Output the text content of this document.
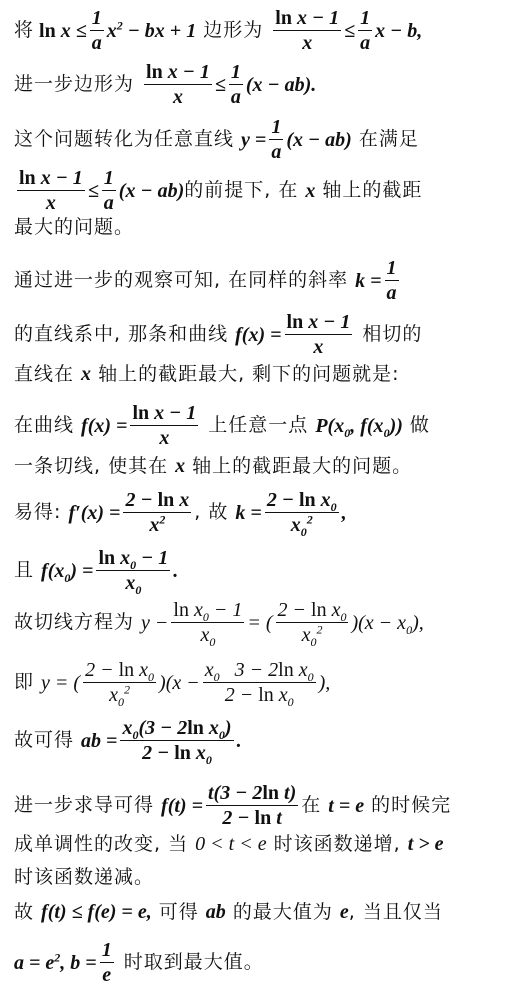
将 $\ln x \le \frac{1}{a} x^2$ − bx + 1 边形为 $\frac{\text{ln x − 1}}{x} \le \frac{1}{a}$ x − b,
进一步边形为 $\frac{\text{ln x − 1}}{x} \le \frac{1}{a} (x - ab)$.
这个问题转化为任意直线 $y = \frac{1}{a} (x - ab)$ 在满足
$\frac{\text{ln x − 1}}{x} \le \frac{1}{a} (x - ab)$ 的前提下, 在 x 轴上的截距
最大的问题。
通过进一步的观察可知, 在同样的斜率 $k = \frac{1}{a}$
的直线系中, 那条和曲线 $f(x) = \frac{\text{ln x − 1}}{x}$ 相切的
直线在 x 轴上的截距最大, 剩下的问题就是:
在曲线 $f(x) = \frac{\text{ln x − 1}}{x}$ 上任意一点 $P(x_0$, $f(x_0)$) 做
一条切线, 使其在 x 轴上的截距最大的问题。
易得: $f'(x) = \frac{\text{2 − ln x}}{x^2}$ , 故 $k = \frac{2 - \ln x_0}{x_0^2}$ ,
且 $f(x_0) = \frac{\ln x_0 - 1}{x_0}$ .
故切线方程为 $y - \frac{\ln x_0 - 1}{x_0}$ = ( $\frac{2 - \ln x_0}{x_0^2} )(x - x_0)$,
即 y = ( $\frac{2 - \ln x_0}{x_0^2} )(x - \frac{x_0 3 - 2\ln x_0}{2 - \ln x_0}$ ),
故可得 ab = $\frac{x_0(3 - 2\ln x_0)}{2 - \ln x_0}$ .
进一步求导可得 $f(t) = \frac{\text{t(3 − 2ln t)}}{\text{2 − ln t}}$ 在 t = e 的时候完
成单调性的改变, 当 0 < t < e 时该函数递增, t > e
时该函数递减。
故 f(t) ≤ f(e) = e, 可得 ab 的最大值为 e , 当且仅当
$a = e^2$, $b = \frac{1}{e}$ 时取到最大值。
